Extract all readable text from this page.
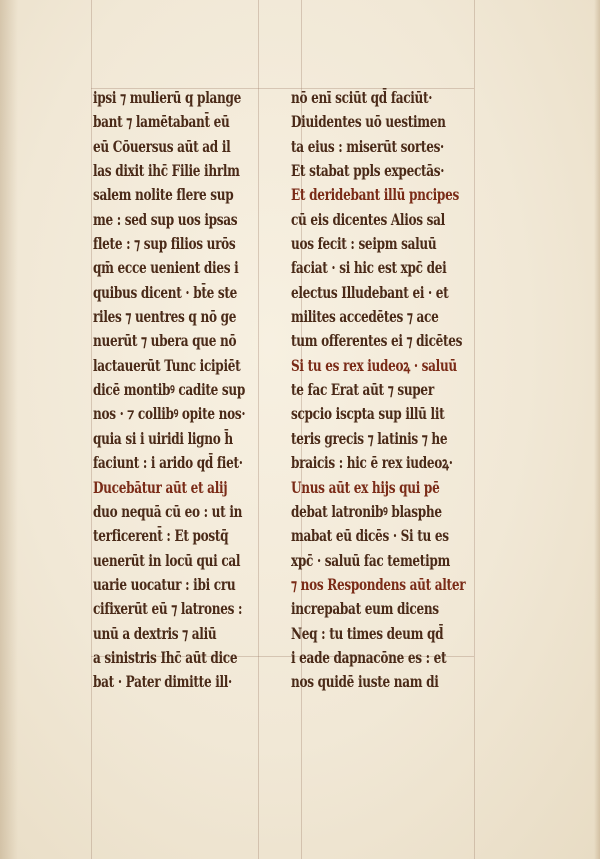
ipsi ⁊ mulierū q plange
bant ⁊ lamētabant̄ eū
eū Cōuersus aūt ad il
las dixit ihc̄ Filie ihrlm
salem nolite flere sup
me : sed sup uos ipsas
flete : ⁊ sup filios urōs
qm̄ ecce uenient dies i
quibus dicent · bt̄e ste
riles ⁊ uentres q nō ge
nuerūt ⁊ ubera que nō
lactauerūt Tunc icipiēt
dicē montibꝰ cadite sup
nos · ⁊ collibꝰ opite nos·
quia si i uiridi ligno h̄
faciunt : i arido qd̄ fiet·
Ducebātur aūt et alij
duo nequā cū eo : ut in
terficerent̄ : Et postq̄
uenerūt in locū qui cal
uarie uocatur : ibi cru
cifixerūt eū ⁊ latrones :
unū a dextris ⁊ aliū
a sinistris Ihc̄ aūt dice
bat · Pater dimitte ill·
nō enī sciūt qd̄ faciūt·
Diuidentes uō uestimen
ta eius : miserūt sortes·
Et stabat ppls expectās·
Et deridebant illū pncipes
cū eis dicentes Alios sal
uos fecit : seipm saluū
faciat · si hic est xpc̄ dei
electus Illudebant ei · et
milites accedētes ⁊ ace
tum offerentes ei ⁊ dicētes
Si tu es rex iudeoꝝ · saluū
te fac Erat aūt ⁊ super
scpcio iscpta sup illū lit
teris grecis ⁊ latinis ⁊ he
braicis : hic ē rex iudeoꝝ·
Unus aūt ex hijs qui pē
debat latronibꝰ blasphe
mabat eū dicēs · Si tu es
xpc̄ · saluū fac temetipm
⁊ nos Respondens aūt alter
increpabat eum dicens
Neq : tu times deum qd̄
i eade dapnacōne es : et
nos quidē iuste nam di
